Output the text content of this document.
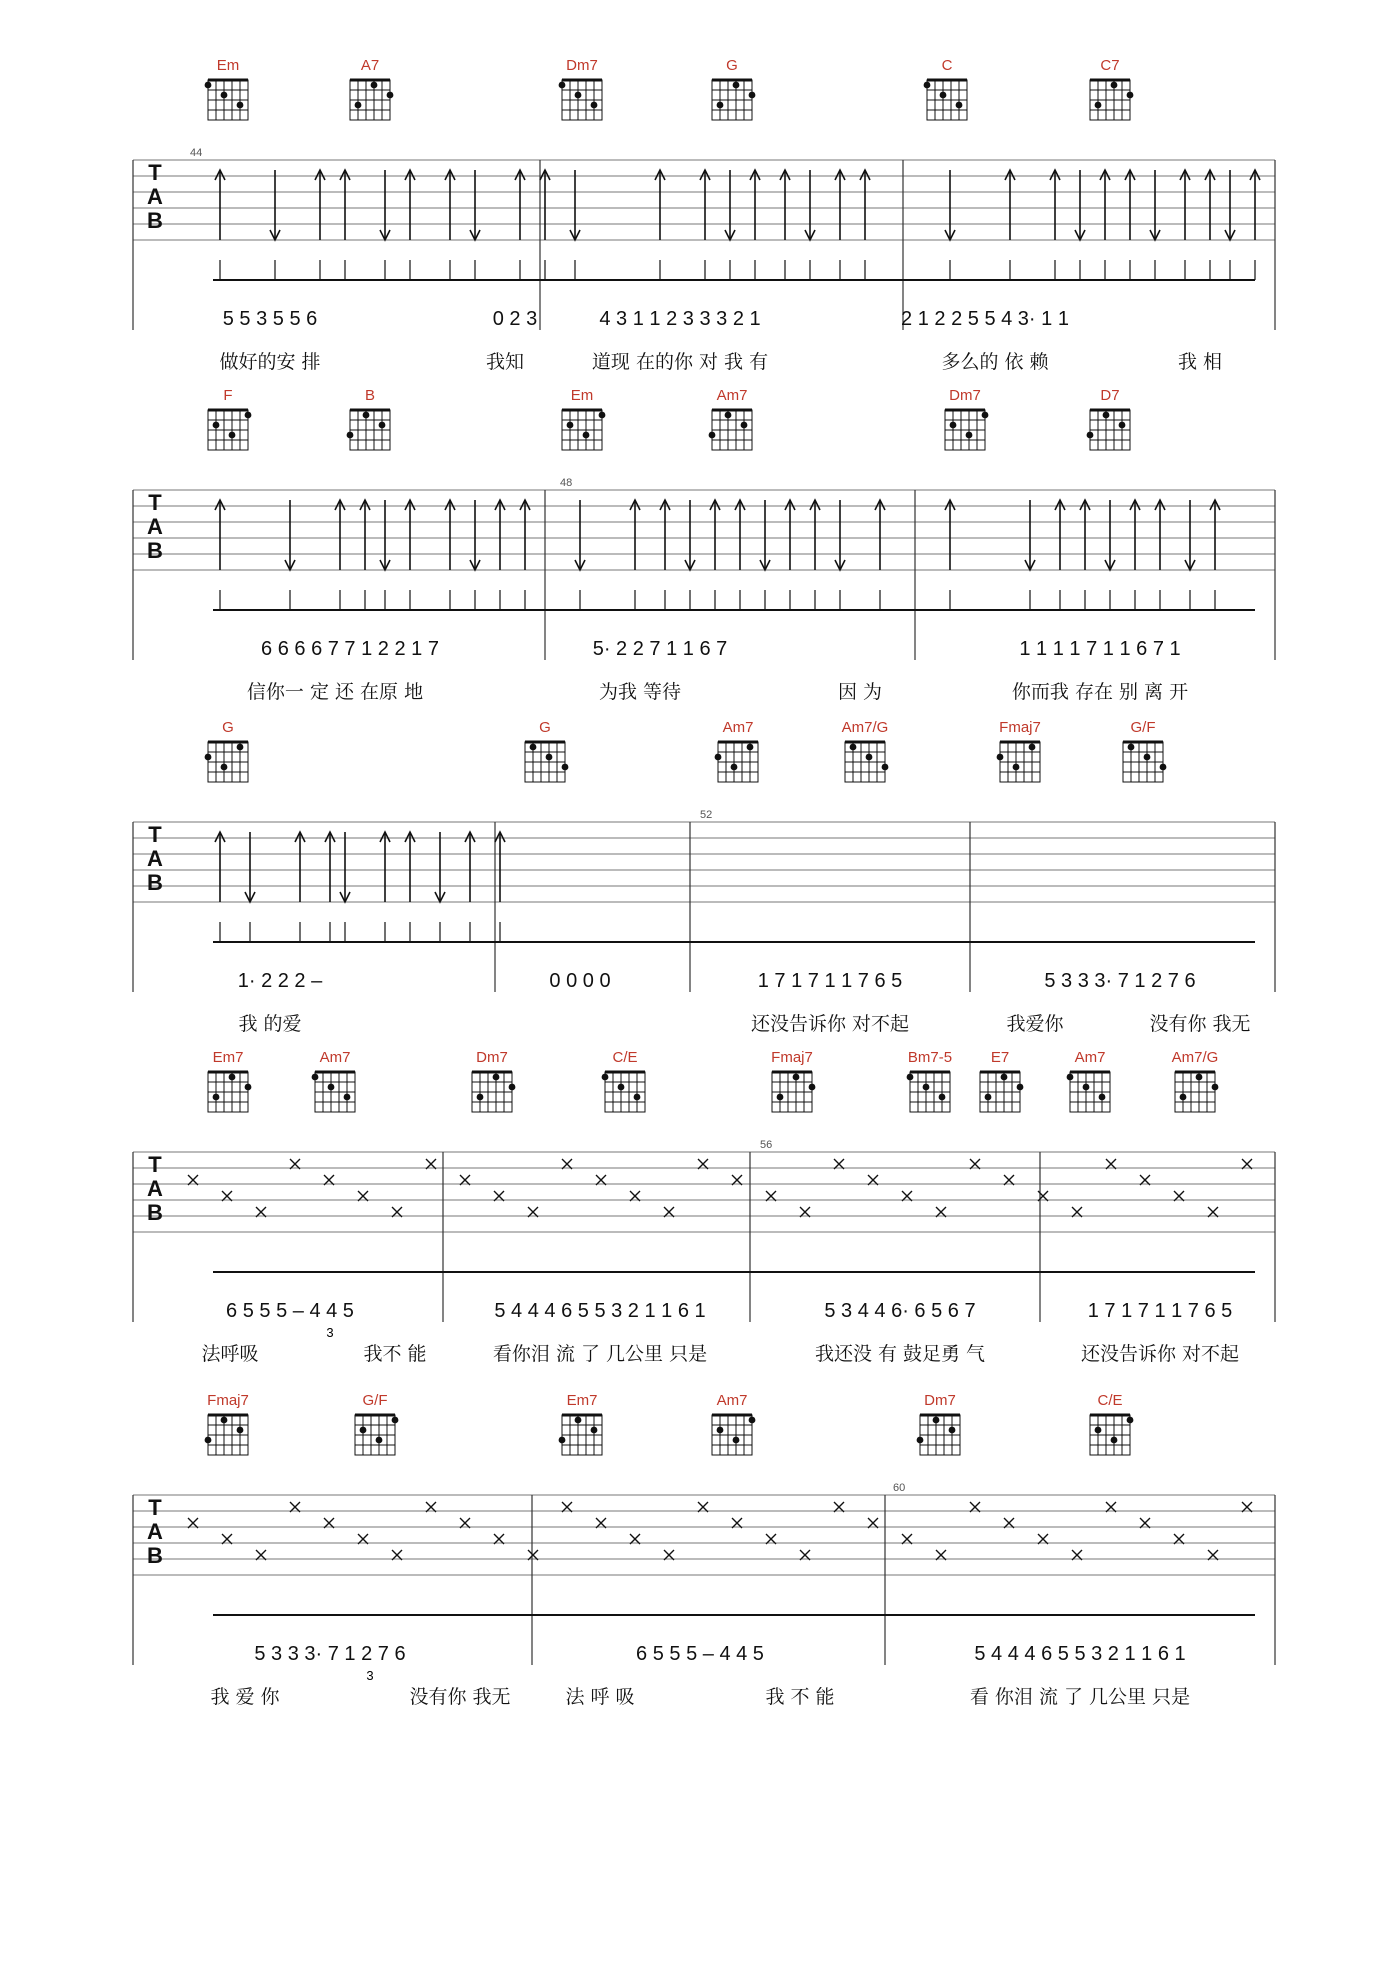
Em	A7	Dm7	G	C	C7
T
A
B
44
5 5 3 5 5 6	0 2 3	4 3 1 1 2 3 3 3 2 1	2 1 2 2 5 5 4 3· 1 1
做好的安 排	我知	道现 在的你 对 我 有	多么的 依 赖	我 相
F	B	Em	Am7	Dm7	D7
T
A
B
48
6 6 6 6 7 7 1 2 2 1 7	5· 2 2 7 1 1 6 7	1 1 1 1 7 1 1 6 7 1
信你一 定 还 在原 地	为我 等待	因 为	你而我 存在 别 离 开
G	G	Am7	Am7/G	Fmaj7	G/F
T
A
B
52
1· 2 2 2 –	0 0 0 0	1 7 1 7 1 1 7 6 5	5 3 3 3· 7 1 2 7 6
我 的爱	还没告诉你 对不起	我爱你	没有你 我无
Em7	Am7	Dm7	C/E	Fmaj7	Bm7-5	E7	Am7	Am7/G
T
A
B
56
6 5 5 5 – 4 4 5	5 4 4 4 6 5 5 3 2 1 1 6 1	5 3 4 4 6· 6 5 6 7	1 7 1 7 1 1 7 6 5
3
法呼吸	我不 能	看你泪 流 了 几公里 只是	我还没 有 鼓足勇 气	还没告诉你 对不起
Fmaj7	G/F	Em7	Am7	Dm7	C/E
T
A
B
60
5 3 3 3· 7 1 2 7 6	6 5 5 5 – 4 4 5	5 4 4 4 6 5 5 3 2 1 1 6 1
3
我 爱 你	没有你 我无	法 呼 吸	我 不 能	看 你泪 流 了 几公里 只是
